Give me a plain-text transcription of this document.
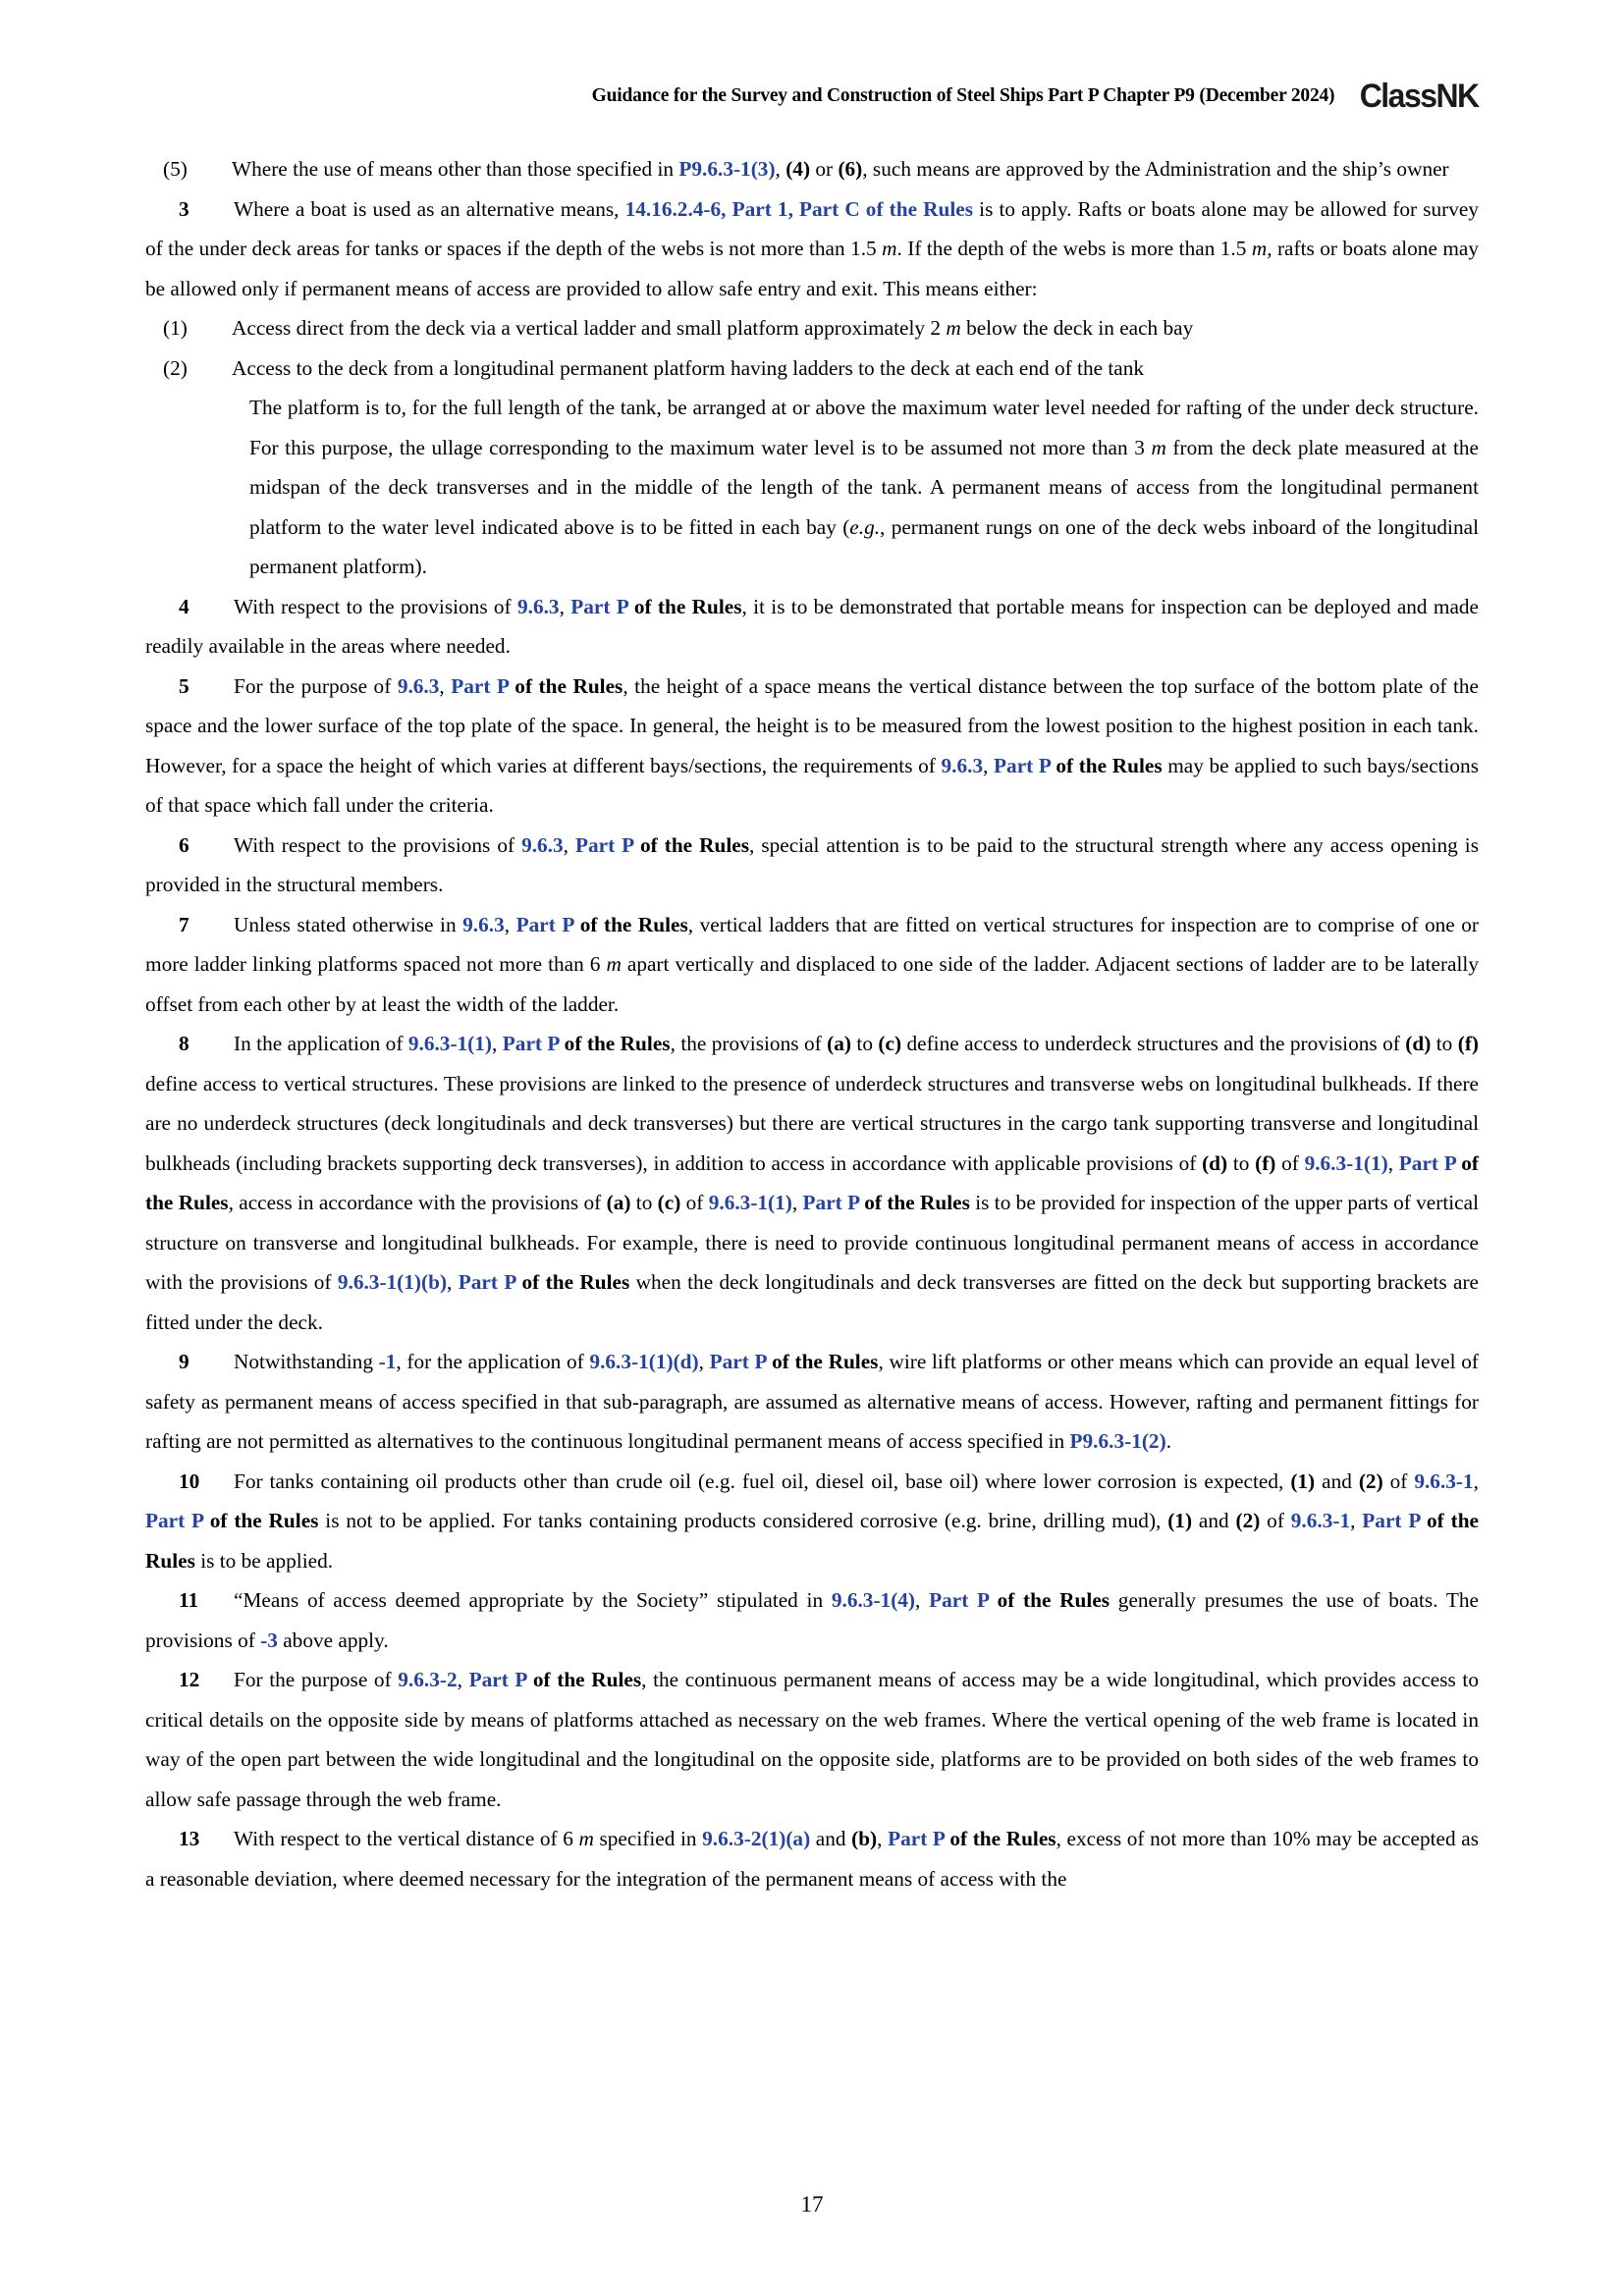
Guidance for the Survey and Construction of Steel Ships Part P Chapter P9 (December 2024) ClassNK

(5) Where the use of means other than those specified in P9.6.3-1(3), (4) or (6), such means are approved by the Administration and the ship’s owner

3 Where a boat is used as an alternative means, 14.16.2.4-6, Part 1, Part C of the Rules is to apply. Rafts or boats alone may be allowed for survey of the under deck areas for tanks or spaces if the depth of the webs is not more than 1.5 m. If the depth of the webs is more than 1.5 m, rafts or boats alone may be allowed only if permanent means of access are provided to allow safe entry and exit. This means either:

(1) Access direct from the deck via a vertical ladder and small platform approximately 2 m below the deck in each bay

(2) Access to the deck from a longitudinal permanent platform having ladders to the deck at each end of the tank

The platform is to, for the full length of the tank, be arranged at or above the maximum water level needed for rafting of the under deck structure. For this purpose, the ullage corresponding to the maximum water level is to be assumed not more than 3 m from the deck plate measured at the midspan of the deck transverses and in the middle of the length of the tank. A permanent means of access from the longitudinal permanent platform to the water level indicated above is to be fitted in each bay (e.g., permanent rungs on one of the deck webs inboard of the longitudinal permanent platform).

4 With respect to the provisions of 9.6.3, Part P of the Rules, it is to be demonstrated that portable means for inspection can be deployed and made readily available in the areas where needed.

5 For the purpose of 9.6.3, Part P of the Rules, the height of a space means the vertical distance between the top surface of the bottom plate of the space and the lower surface of the top plate of the space. In general, the height is to be measured from the lowest position to the highest position in each tank. However, for a space the height of which varies at different bays/sections, the requirements of 9.6.3, Part P of the Rules may be applied to such bays/sections of that space which fall under the criteria.

6 With respect to the provisions of 9.6.3, Part P of the Rules, special attention is to be paid to the structural strength where any access opening is provided in the structural members.

7 Unless stated otherwise in 9.6.3, Part P of the Rules, vertical ladders that are fitted on vertical structures for inspection are to comprise of one or more ladder linking platforms spaced not more than 6 m apart vertically and displaced to one side of the ladder. Adjacent sections of ladder are to be laterally offset from each other by at least the width of the ladder.

8 In the application of 9.6.3-1(1), Part P of the Rules, the provisions of (a) to (c) define access to underdeck structures and the provisions of (d) to (f) define access to vertical structures. These provisions are linked to the presence of underdeck structures and transverse webs on longitudinal bulkheads. If there are no underdeck structures (deck longitudinals and deck transverses) but there are vertical structures in the cargo tank supporting transverse and longitudinal bulkheads (including brackets supporting deck transverses), in addition to access in accordance with applicable provisions of (d) to (f) of 9.6.3-1(1), Part P of the Rules, access in accordance with the provisions of (a) to (c) of 9.6.3-1(1), Part P of the Rules is to be provided for inspection of the upper parts of vertical structure on transverse and longitudinal bulkheads. For example, there is need to provide continuous longitudinal permanent means of access in accordance with the provisions of 9.6.3-1(1)(b), Part P of the Rules when the deck longitudinals and deck transverses are fitted on the deck but supporting brackets are fitted under the deck.

9 Notwithstanding -1, for the application of 9.6.3-1(1)(d), Part P of the Rules, wire lift platforms or other means which can provide an equal level of safety as permanent means of access specified in that sub-paragraph, are assumed as alternative means of access. However, rafting and permanent fittings for rafting are not permitted as alternatives to the continuous longitudinal permanent means of access specified in P9.6.3-1(2).

10 For tanks containing oil products other than crude oil (e.g. fuel oil, diesel oil, base oil) where lower corrosion is expected, (1) and (2) of 9.6.3-1, Part P of the Rules is not to be applied. For tanks containing products considered corrosive (e.g. brine, drilling mud), (1) and (2) of 9.6.3-1, Part P of the Rules is to be applied.

11 “Means of access deemed appropriate by the Society” stipulated in 9.6.3-1(4), Part P of the Rules generally presumes the use of boats. The provisions of -3 above apply.

12 For the purpose of 9.6.3-2, Part P of the Rules, the continuous permanent means of access may be a wide longitudinal, which provides access to critical details on the opposite side by means of platforms attached as necessary on the web frames. Where the vertical opening of the web frame is located in way of the open part between the wide longitudinal and the longitudinal on the opposite side, platforms are to be provided on both sides of the web frames to allow safe passage through the web frame.

13 With respect to the vertical distance of 6 m specified in 9.6.3-2(1)(a) and (b), Part P of the Rules, excess of not more than 10% may be accepted as a reasonable deviation, where deemed necessary for the integration of the permanent means of access with the

17
